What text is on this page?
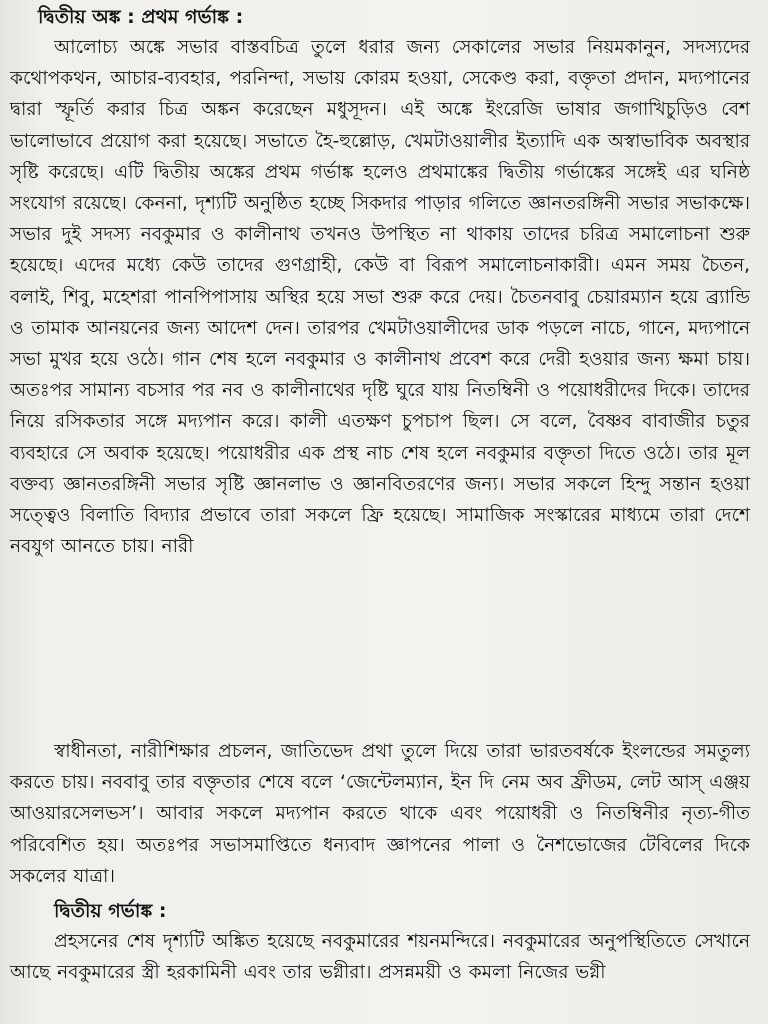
দ্বিতীয় অঙ্ক : প্রথম গর্ভাঙ্ক :

আলোচ্য অঙ্কে সভার বাস্তবচিত্র তুলে ধরার জন্য সেকালের সভার নিয়মকানুন, সদস্যদের কথোপকথন, আচার-ব্যবহার, পরনিন্দা, সভায় কোরম হওয়া, সেকেণ্ড করা, বক্তৃতা প্রদান, মদ্যপানের দ্বারা স্ফূর্তি করার চিত্র অঙ্কন করেছেন মধুসূদন। এই অঙ্কে ইংরেজি ভাষার জগাখিচুড়িও বেশ ভালোভাবে প্রয়োগ করা হয়েছে। সভাতে হৈ-হুল্লোড়, খেমটাওয়ালীর ইত্যাদি এক অস্বাভাবিক অবস্থার সৃষ্টি করেছে। এটি দ্বিতীয় অঙ্কের প্রথম গর্ভাঙ্ক হলেও প্রথমাঙ্কের দ্বিতীয় গর্ভাঙ্কের সঙ্গেই এর ঘনিষ্ঠ সংযোগ রয়েছে। কেননা, দৃশ্যটি অনুষ্ঠিত হচ্ছে সিকদার পাড়ার গলিতে জ্ঞানতরঙ্গিনী সভার সভাকক্ষে। সভার দুই সদস্য নবকুমার ও কালীনাথ তখনও উপস্থিত না থাকায় তাদের চরিত্র সমালোচনা শুরু হয়েছে। এদের মধ্যে কেউ তাদের গুণগ্রাহী, কেউ বা বিরূপ সমালোচনাকারী। এমন সময় চৈতন, বলাই, শিবু, মহেশরা পানপিপাসায় অস্থির হয়ে সভা শুরু করে দেয়। চৈতনবাবু চেয়ারম্যান হয়ে ব্র্যান্ডি ও তামাক আনয়নের জন্য আদেশ দেন। তারপর খেমটাওয়ালীদের ডাক পড়লে নাচে, গানে, মদ্যপানে সভা মুখর হয়ে ওঠে। গান শেষ হলে নবকুমার ও কালীনাথ প্রবেশ করে দেরী হওয়ার জন্য ক্ষমা চায়। অতঃপর সামান্য বচসার পর নব ও কালীনাথের দৃষ্টি ঘুরে যায় নিতম্বিনী ও পয়োধরীদের দিকে। তাদের নিয়ে রসিকতার সঙ্গে মদ্যপান করে। কালী এতক্ষণ চুপচাপ ছিল। সে বলে, বৈষ্ণব বাবাজীর চতুর ব্যবহারে সে অবাক হয়েছে। পয়োধরীর এক প্রস্থ নাচ শেষ হলে নবকুমার বক্তৃতা দিতে ওঠে। তার মূল বক্তব্য জ্ঞানতরঙ্গিনী সভার সৃষ্টি জ্ঞানলাভ ও জ্ঞানবিতরণের জন্য। সভার সকলে হিন্দু সন্তান হওয়া সত্ত্বেও বিলাতি বিদ্যার প্রভাবে তারা সকলে ফ্রি হয়েছে। সামাজিক সংস্কারের মাধ্যমে তারা দেশে নবযুগ আনতে চায়। নারী

স্বাধীনতা, নারীশিক্ষার প্রচলন, জাতিভেদ প্রথা তুলে দিয়ে তারা ভারতবর্ষকে ইংলন্ডের সমতুল্য করতে চায়। নববাবু তার বক্তৃতার শেষে বলে ‘জেন্টেলম্যান, ইন দি নেম অব ফ্রীডম, লেট আস্ এঞ্জয় আওয়ারসেলভস’। আবার সকলে মদ্যপান করতে থাকে এবং পয়োধরী ও নিতম্বিনীর নৃত্য-গীত পরিবেশিত হয়। অতঃপর সভাসমাপ্তিতে ধন্যবাদ জ্ঞাপনের পালা ও নৈশভোজের টেবিলের দিকে সকলের যাত্রা।

দ্বিতীয় গর্ভাঙ্ক :

প্রহসনের শেষ দৃশ্যটি অঙ্কিত হয়েছে নবকুমারের শয়নমন্দিরে। নবকুমারের অনুপস্থিতিতে সেখানে আছে নবকুমারের স্ত্রী হরকামিনী এবং তার ভগ্নীরা। প্রসন্নময়ী ও কমলা নিজের ভগ্নী
